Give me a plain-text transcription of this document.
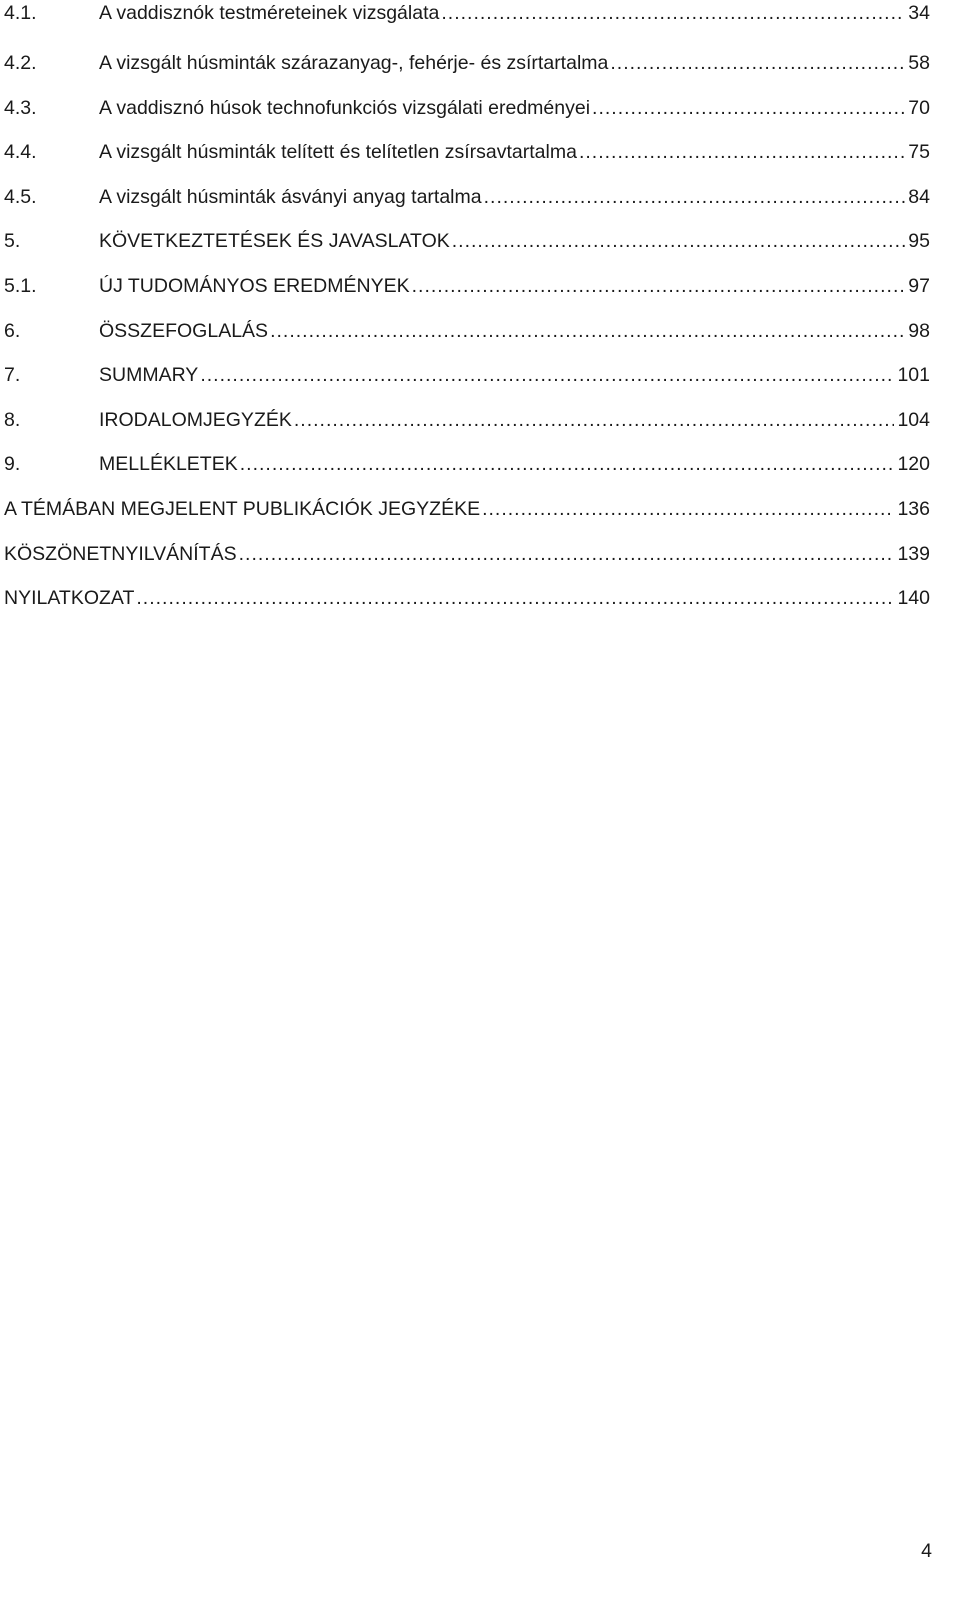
4.1.	A vaddisznók testméreteinek vizsgálata .....	34
4.2.	A vizsgált húsminták szárazanyag-, fehérje- és zsírtartalma .....	58
4.3.	A vaddisznó húsok technofunkciós vizsgálati eredményei .....	70
4.4.	A vizsgált húsminták telített és telítetlen zsírsavtartalma .....	75
4.5.	A vizsgált húsminták ásványi anyag tartalma .....	84
5.	KÖVETKEZTETÉSEK ÉS JAVASLATOK .....	95
5.1.	ÚJ TUDOMÁNYOS EREDMÉNYEK .....	97
6.	ÖSSZEFOGLALÁS .....	98
7.	SUMMARY .....	101
8.	IRODALOMJEGYZÉK .....	104
9.	MELLÉKLETEK .....	120
A TÉMÁBAN MEGJELENT PUBLIKÁCIÓK JEGYZÉKE .....	136
KÖSZÖNETNYILVÁNÍTÁS .....	139
NYILATKOZAT .....	140
4
